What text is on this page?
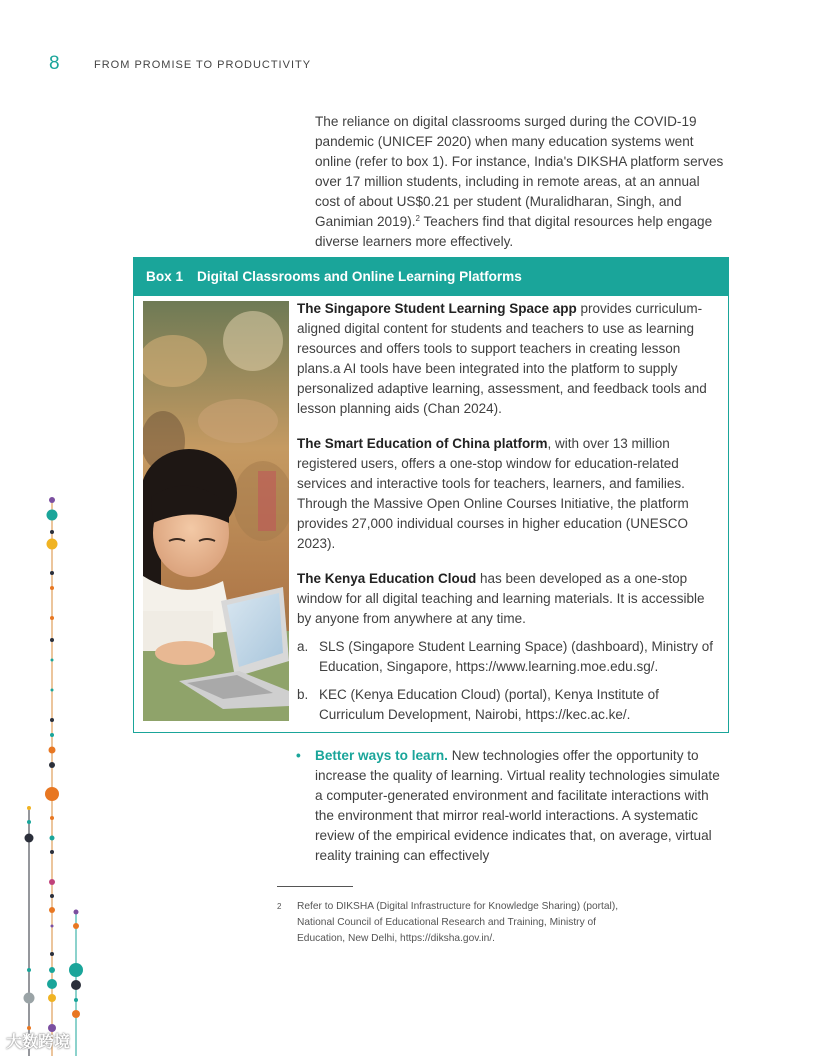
8	FROM PROMISE TO PRODUCTIVITY
The reliance on digital classrooms surged during the COVID-19 pandemic (UNICEF 2020) when many education systems went online (refer to box 1). For instance, India's DIKSHA platform serves over 17 million students, including in remote areas, at an annual cost of about US$0.21 per student (Muralidharan, Singh, and Ganimian 2019).$^2$ Teachers find that digital resources help engage diverse learners more effectively.
Box 1 Digital Classrooms and Online Learning Platforms

The Singapore Student Learning Space app provides curriculum-aligned digital content for students and teachers to use as learning resources and offers tools to support teachers in creating lesson plans.a AI tools have been integrated into the platform to supply personalized adaptive learning, assessment, and feedback tools and lesson planning aids (Chan 2024).

The Smart Education of China platform, with over 13 million registered users, offers a one-stop window for education-related services and interactive tools for teachers, learners, and families. Through the Massive Open Online Courses Initiative, the platform provides 27,000 individual courses in higher education (UNESCO 2023).

The Kenya Education Cloud has been developed as a one-stop window for all digital teaching and learning materials. It is accessible by anyone from anywhere at any time.

a. SLS (Singapore Student Learning Space) (dashboard), Ministry of Education, Singapore, https://www.learning.moe.edu.sg/.
b. KEC (Kenya Education Cloud) (portal), Kenya Institute of Curriculum Development, Nairobi, https://kec.ac.ke/.
•	Better ways to learn. New technologies offer the opportunity to increase the quality of learning. Virtual reality technologies simulate a computer-generated environment and facilitate interactions with the environment that mirror real-world interactions. A systematic review of the empirical evidence indicates that, on average, virtual reality training can effectively
2	Refer to DIKSHA (Digital Infrastructure for Knowledge Sharing) (portal), National Council of Educational Research and Training, Ministry of Education, New Delhi, https://diksha.gov.in/.
大数跨境
